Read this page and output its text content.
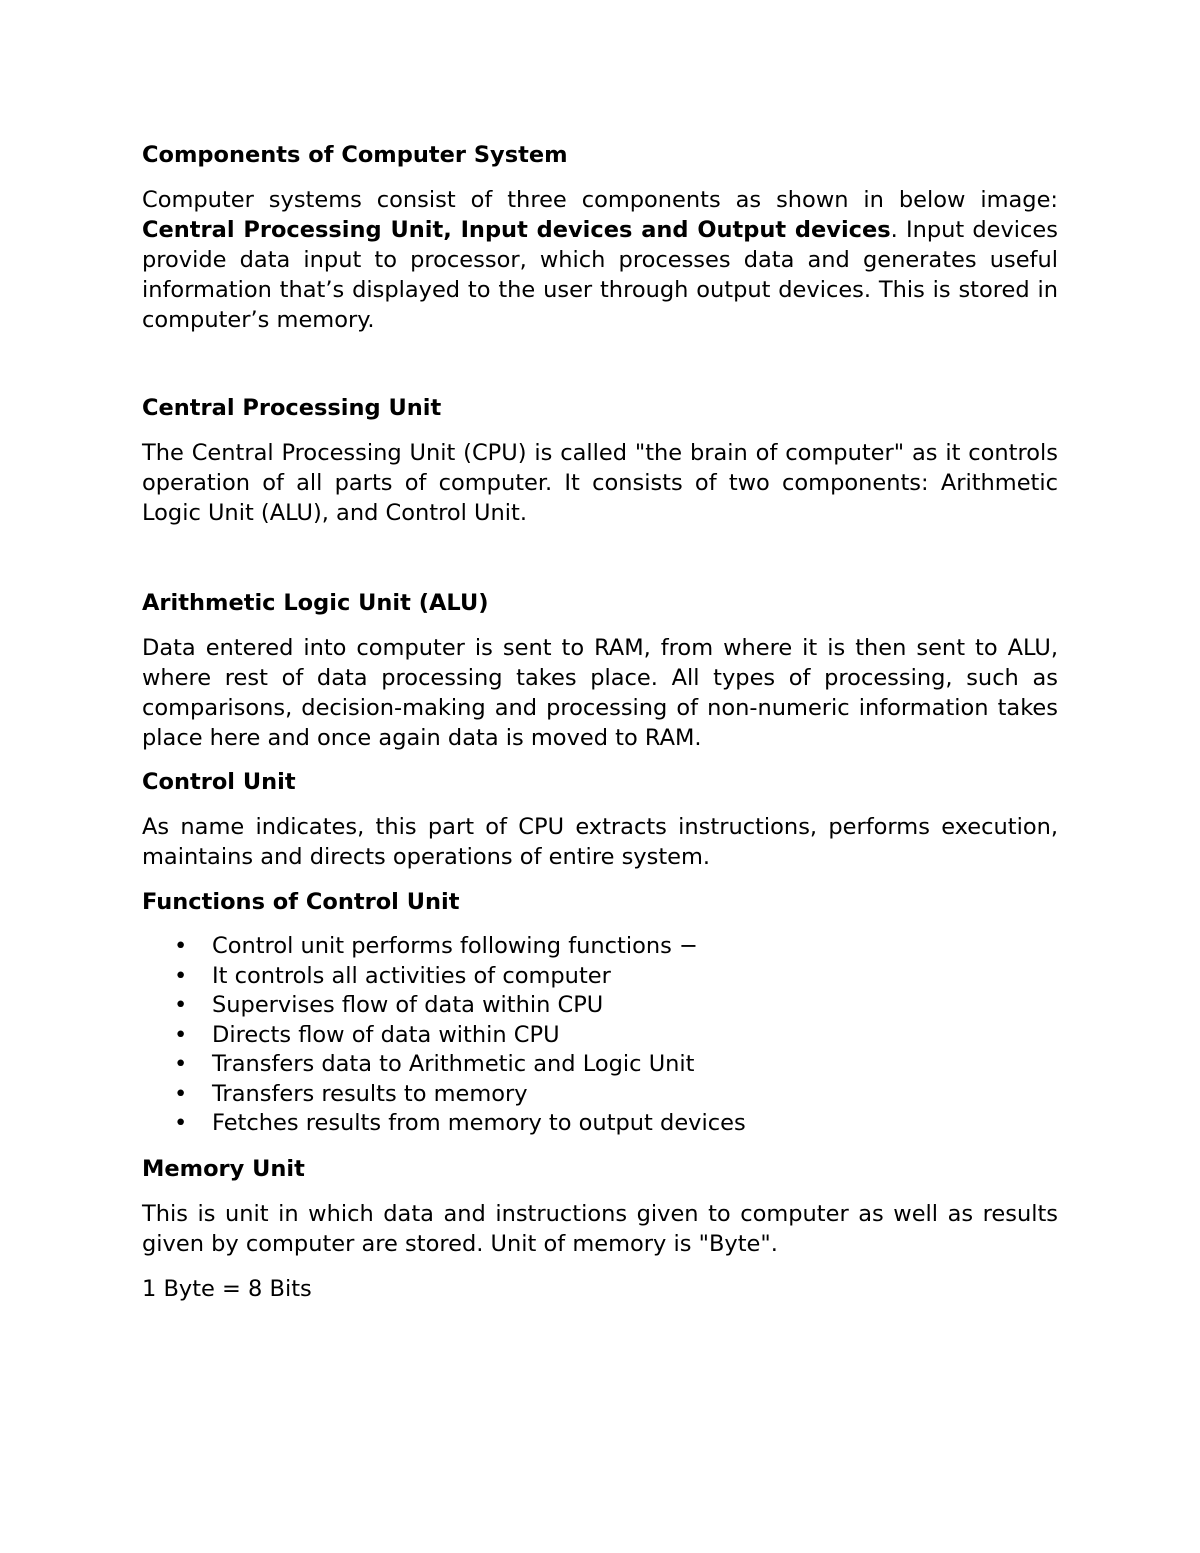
Components of Computer System

Computer systems consist of three components as shown in below image: Central Processing Unit, Input devices and Output devices. Input devices provide data input to processor, which processes data and generates useful information that’s displayed to the user through output devices. This is stored in computer’s memory.

Central Processing Unit

The Central Processing Unit (CPU) is called "the brain of computer" as it controls operation of all parts of computer. It consists of two components: Arithmetic Logic Unit (ALU), and Control Unit.

Arithmetic Logic Unit (ALU)

Data entered into computer is sent to RAM, from where it is then sent to ALU, where rest of data processing takes place. All types of processing, such as comparisons, decision-making and processing of non-numeric information takes place here and once again data is moved to RAM.

Control Unit

As name indicates, this part of CPU extracts instructions, performs execution, maintains and directs operations of entire system.

Functions of Control Unit
• Control unit performs following functions −
• It controls all activities of computer
• Supervises flow of data within CPU
• Directs flow of data within CPU
• Transfers data to Arithmetic and Logic Unit
• Transfers results to memory
• Fetches results from memory to output devices
Memory Unit

This is unit in which data and instructions given to computer as well as results given by computer are stored. Unit of memory is "Byte".

1 Byte = 8 Bits
